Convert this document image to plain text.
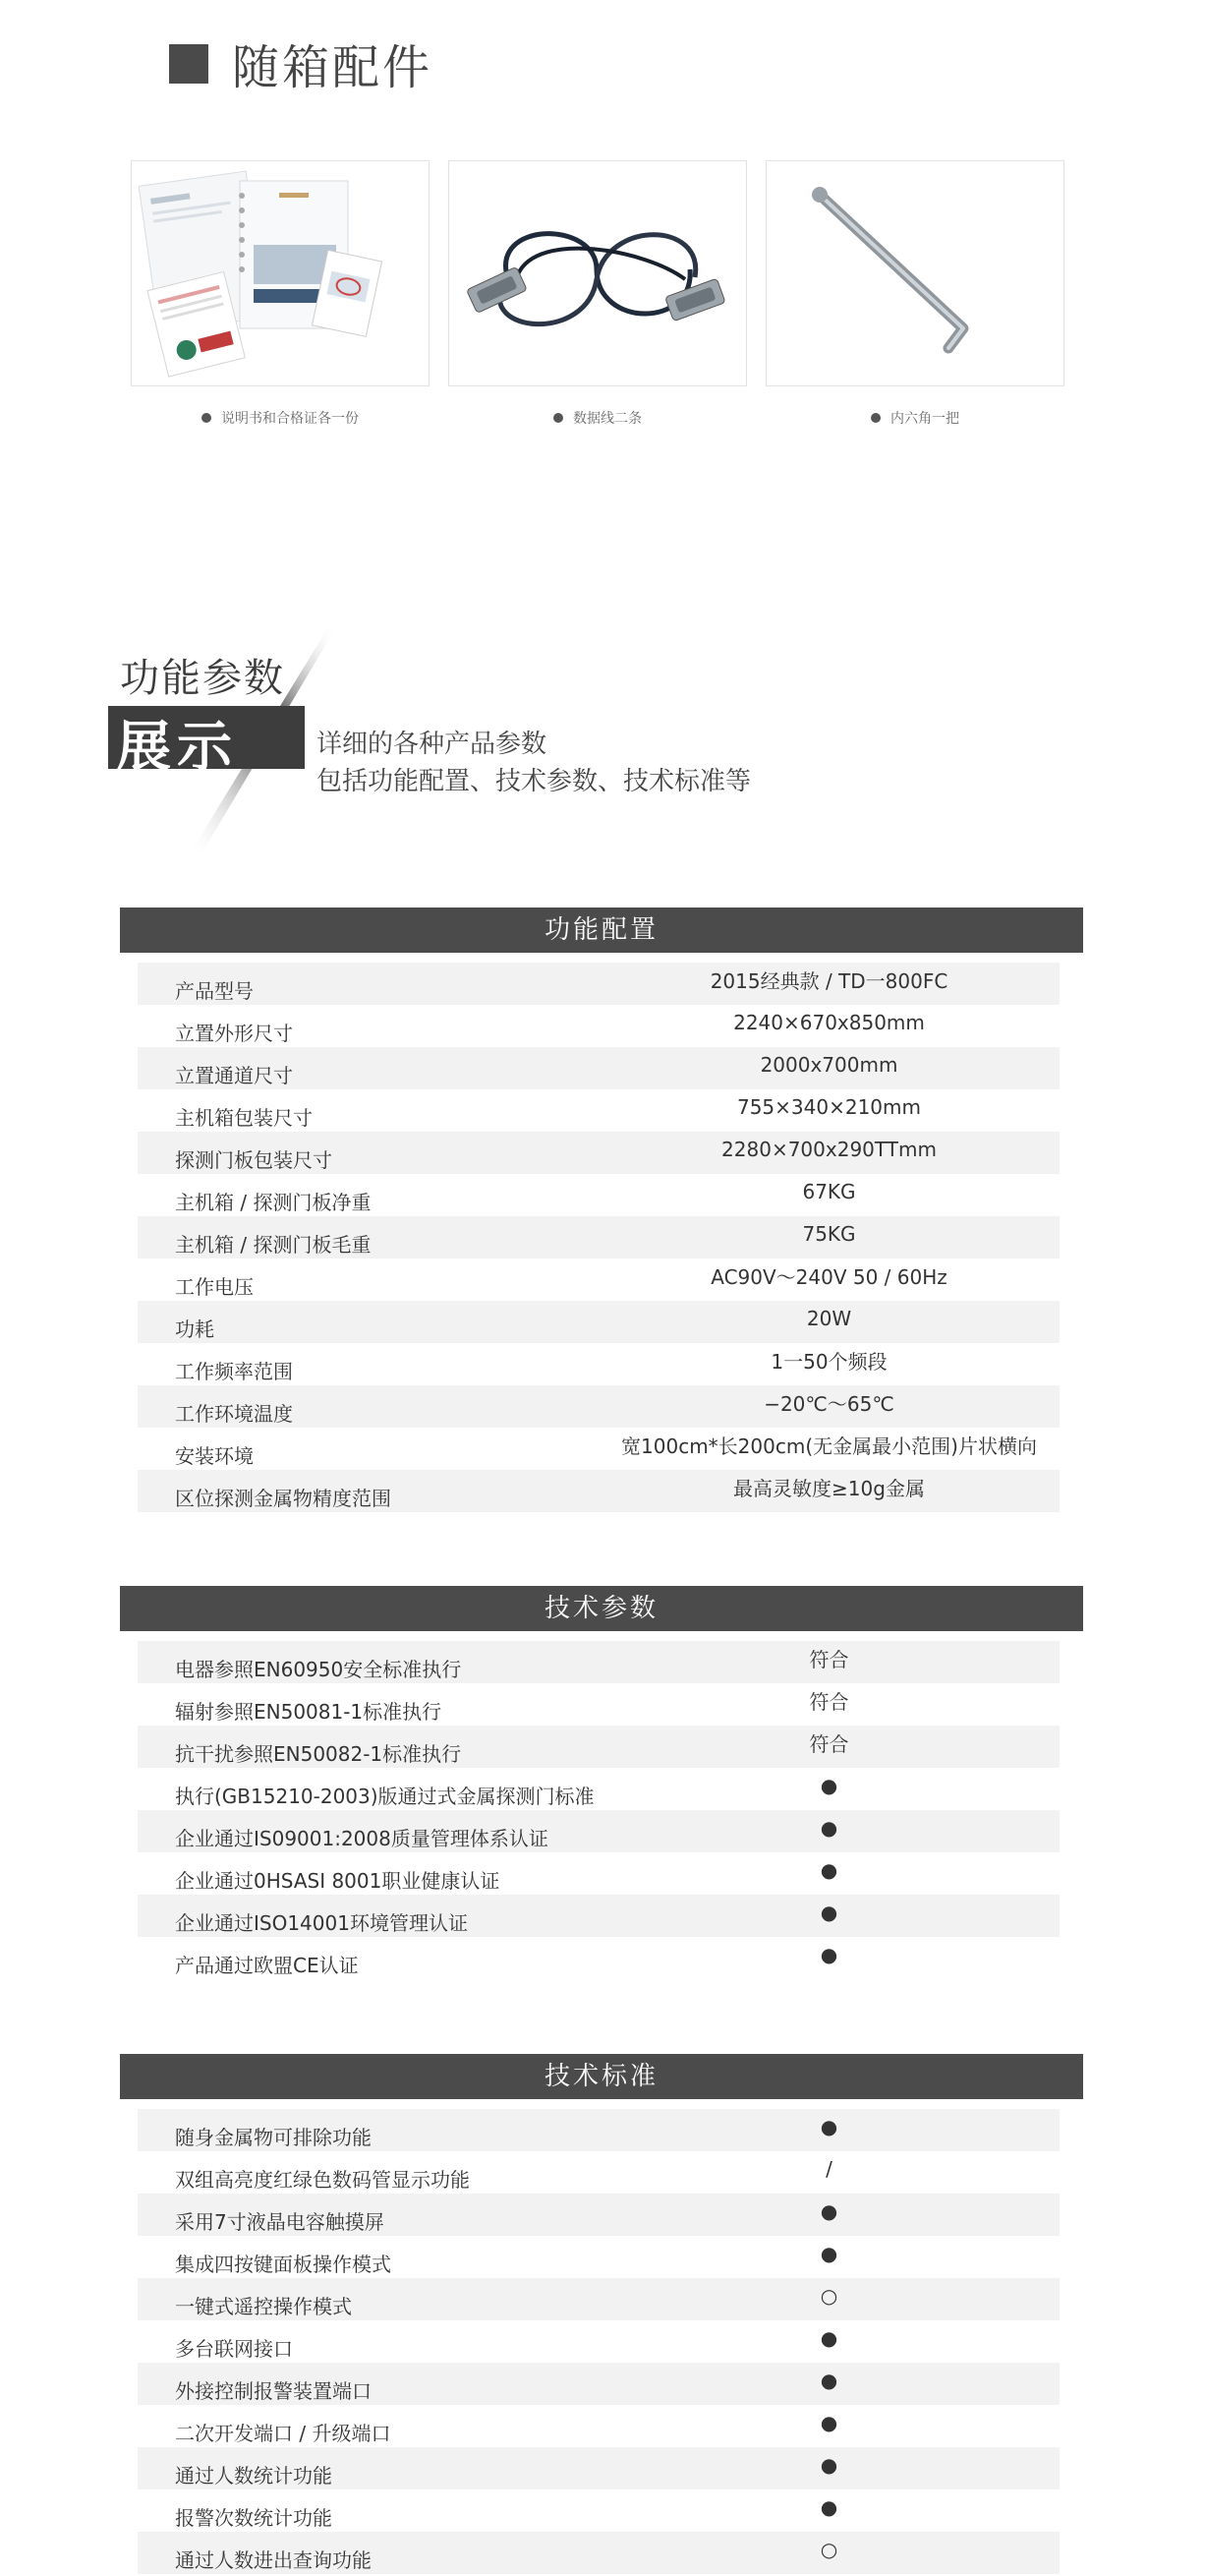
随箱配件
说明书和合格证各一份	数据线二条	内六角一把
功能参数
展示	详细的各种产品参数
包括功能配置、技术参数、技术标准等
功能配置
产品型号	2015经典款 / TD一800FC
立置外形尺寸	2240×670x850mm
立置通道尺寸	2000x700mm
主机箱包装尺寸	755×340×210mm
探测门板包装尺寸	2280×700x290TTmm
主机箱 / 探测门板净重	67KG
主机箱 / 探测门板毛重	75KG
工作电压	AC90V～240V 50 / 60Hz
功耗	20W
工作频率范围	1一50个频段
工作环境温度	−20℃～65℃
安装环境	宽100cm*长200cm(无金属最小范围)片状横向
区位探测金属物精度范围	最高灵敏度≥10g金属
技术参数
电器参照EN60950安全标准执行	符合
辐射参照EN50081-1标准执行	符合
抗干扰参照EN50082-1标准执行	符合
执行(GB15210-2003)版通过式金属探测门标准	●
企业通过IS09001:2008质量管理体系认证	●
企业通过0HSASI 8001职业健康认证	●
企业通过ISO14001环境管理认证	●
产品通过欧盟CE认证	●
技术标准
随身金属物可排除功能	●
双组高亮度红绿色数码管显示功能	/
采用7寸液晶电容触摸屏	●
集成四按键面板操作模式	●
一键式遥控操作模式	○
多台联网接口	●
外接控制报警装置端口	●
二次开发端口 / 升级端口	●
通过人数统计功能	●
报警次数统计功能	●
通过人数进出查询功能	○
